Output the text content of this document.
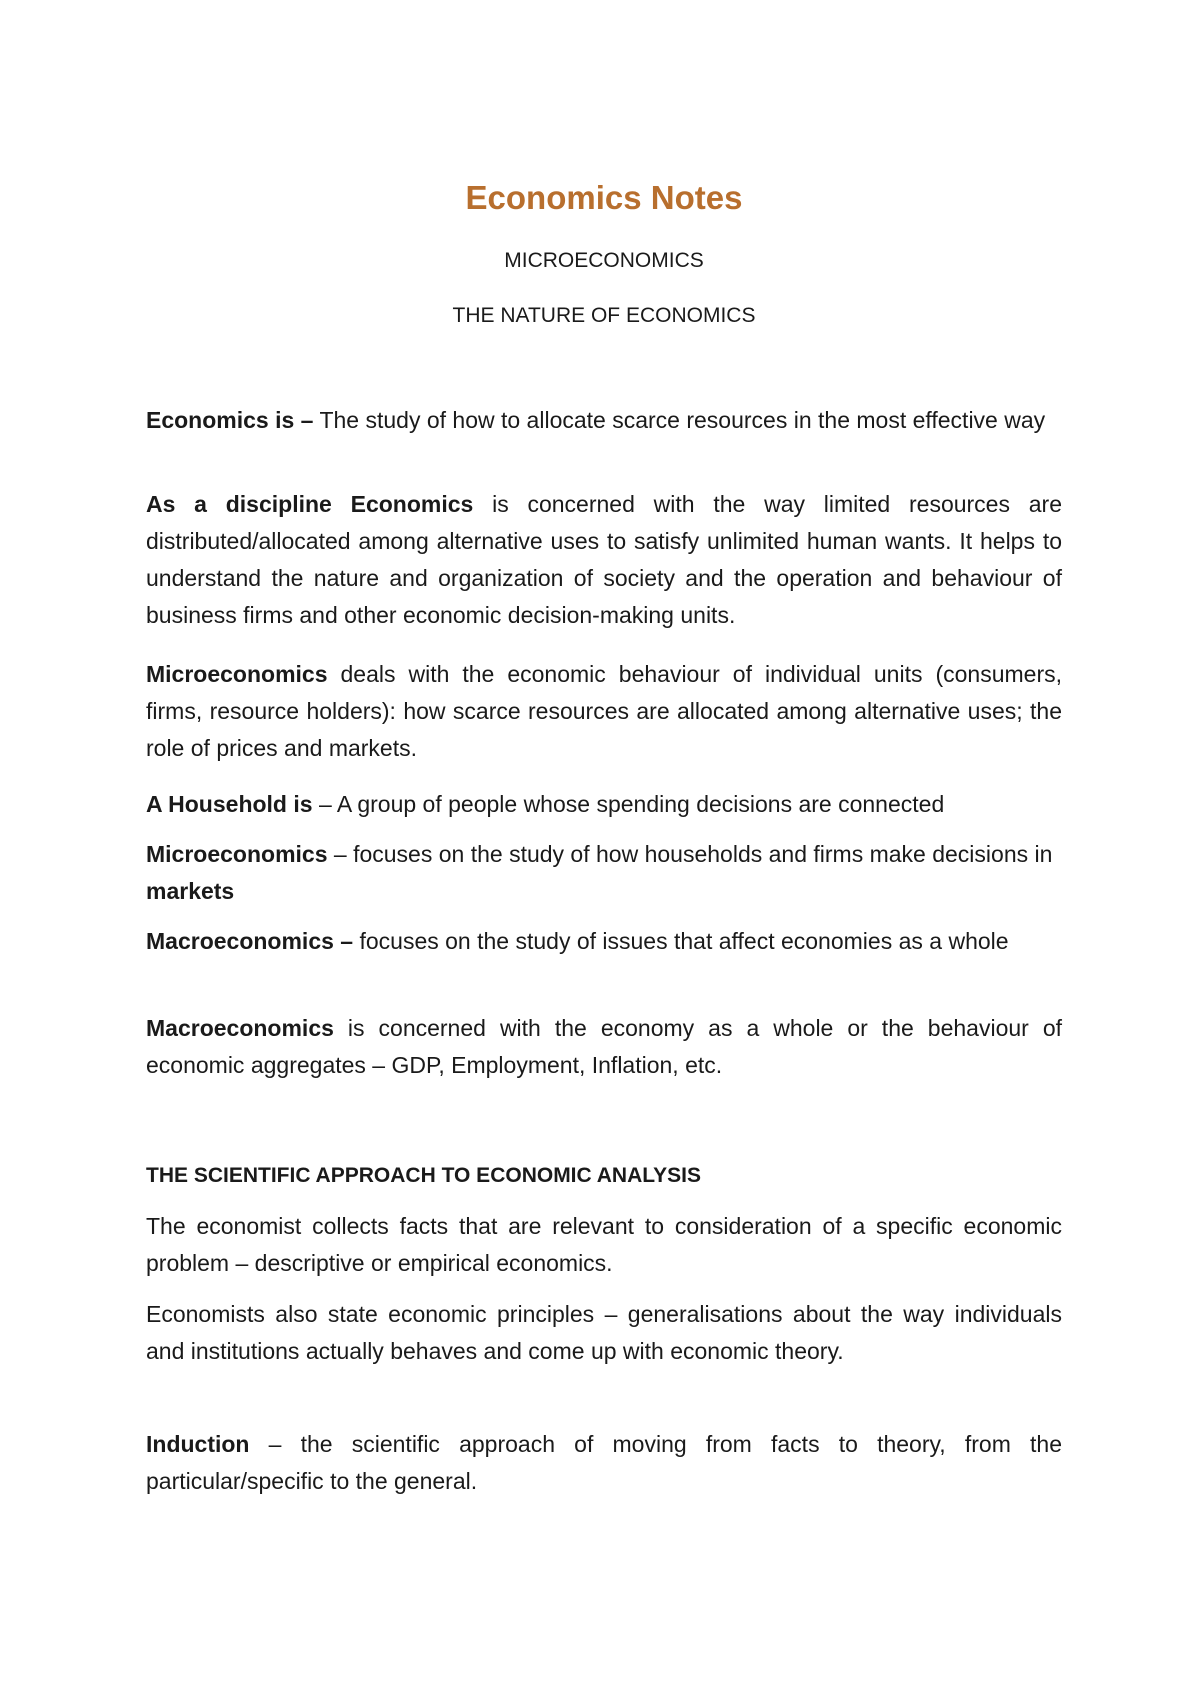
Economics Notes

MICROECONOMICS

THE NATURE OF ECONOMICS

Economics is – The study of how to allocate scarce resources in the most effective way

As a discipline Economics is concerned with the way limited resources are distributed/allocated among alternative uses to satisfy unlimited human wants. It helps to understand the nature and organization of society and the operation and behaviour of business firms and other economic decision-making units.

Microeconomics deals with the economic behaviour of individual units (consumers, firms, resource holders): how scarce resources are allocated among alternative uses; the role of prices and markets.

A Household is – A group of people whose spending decisions are connected

Microeconomics – focuses on the study of how households and firms make decisions in markets

Macroeconomics – focuses on the study of issues that affect economies as a whole

Macroeconomics is concerned with the economy as a whole or the behaviour of economic aggregates – GDP, Employment, Inflation, etc.

THE SCIENTIFIC APPROACH TO ECONOMIC ANALYSIS

The economist collects facts that are relevant to consideration of a specific economic problem – descriptive or empirical economics.

Economists also state economic principles – generalisations about the way individuals and institutions actually behaves and come up with economic theory.

Induction – the scientific approach of moving from facts to theory, from the particular/specific to the general.
